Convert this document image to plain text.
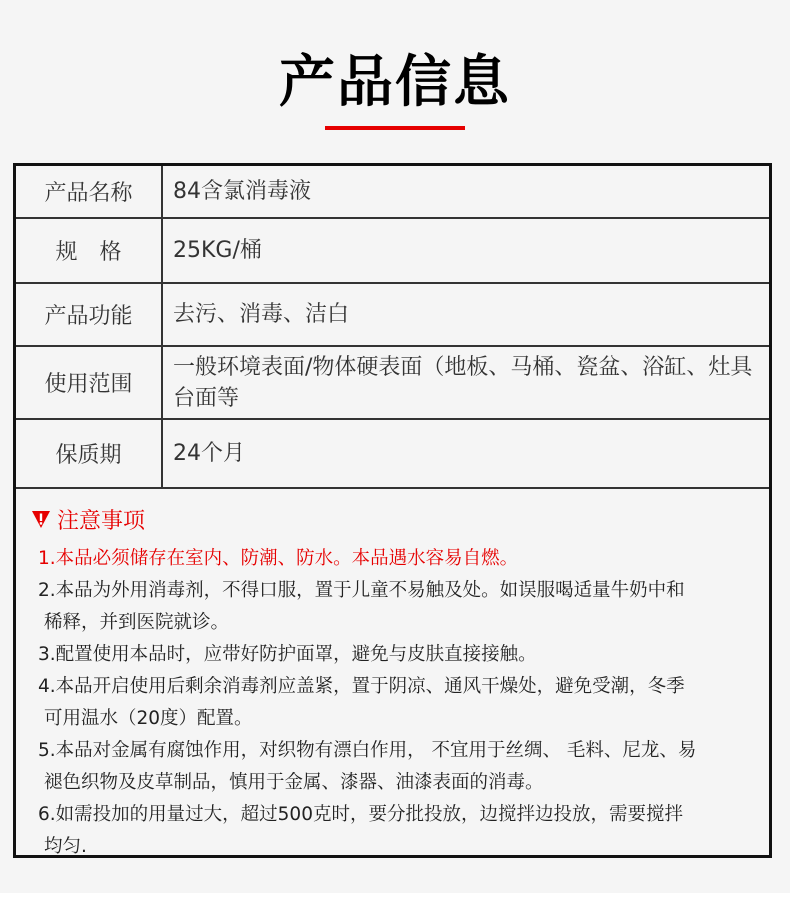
产品信息
产品名称	84含氯消毒液
规　格	25KG/桶
产品功能	去污、消毒、洁白
使用范围	一般环境表面/物体硬表面（地板、马桶、瓷盆、浴缸、灶具台面等
保质期	24个月
注意事项
1.本品必须储存在室内、防潮、防水。本品遇水容易自燃。
2.本品为外用消毒剂，不得口服，置于儿童不易触及处。如误服喝适量牛奶中和
稀释，并到医院就诊。
3.配置使用本品时，应带好防护面罩，避免与皮肤直接接触。
4.本品开启使用后剩余消毒剂应盖紧，置于阴凉、通风干燥处，避免受潮，冬季
可用温水（20度）配置。
5.本品对金属有腐蚀作用，对织物有漂白作用， 不宜用于丝绸、 毛料、尼龙、易
褪色织物及皮草制品，慎用于金属、漆器、油漆表面的消毒。
6.如需投加的用量过大，超过500克时，要分批投放，边搅拌边投放，需要搅拌
均匀.
